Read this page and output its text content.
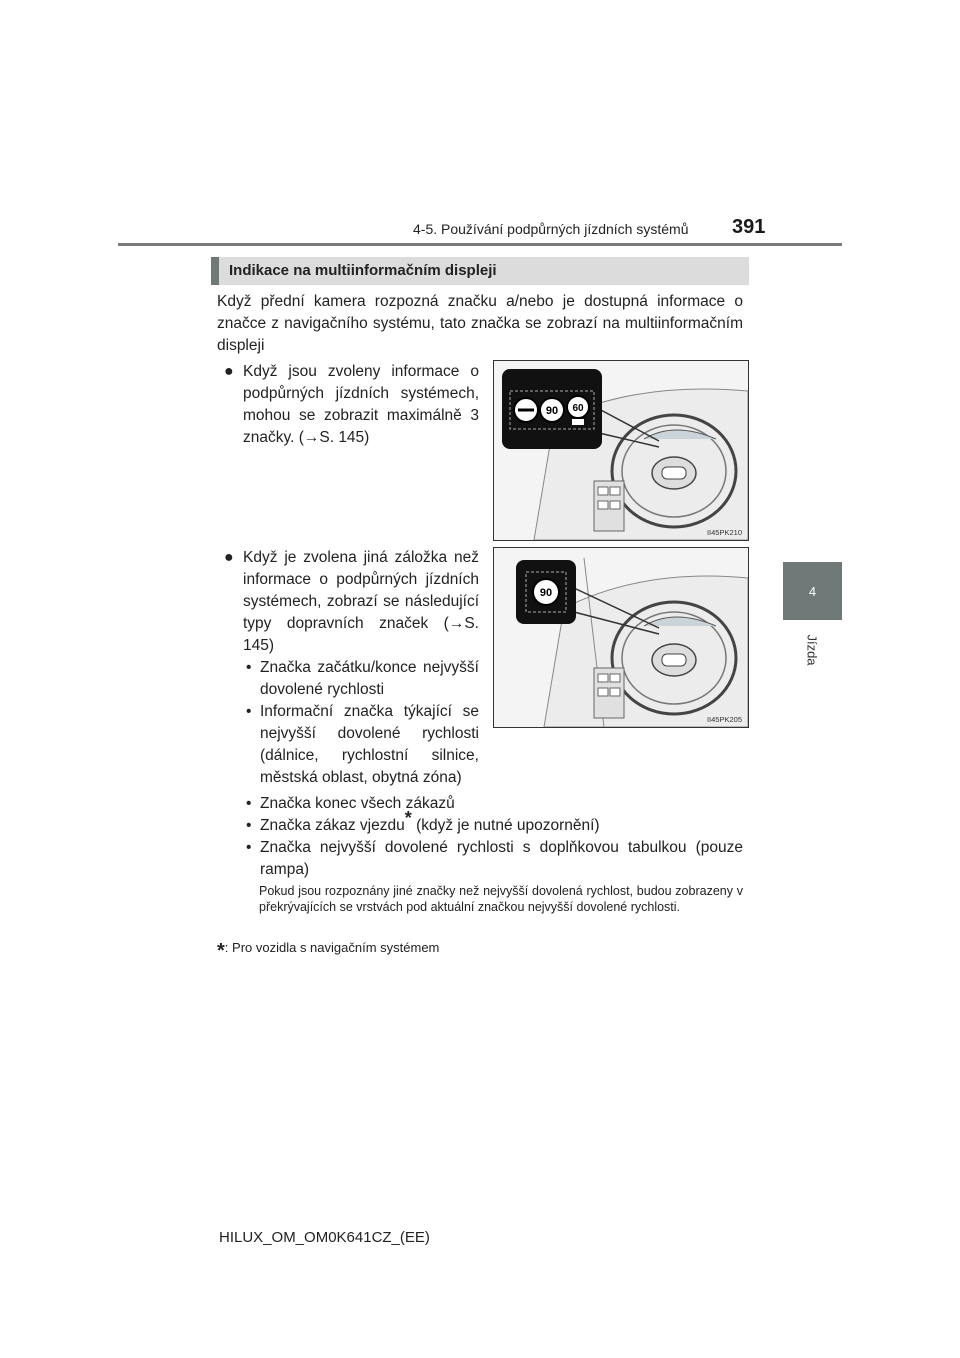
4-5. Používání podpůrných jízdních systémů 391
4
Jízda
Indikace na multiinformačním displeji
Když přední kamera rozpozná značku a/nebo je dostupná informace o značce z navigačního systému, tato značka se zobrazí na multiinformačním displeji
● Když jsou zvoleny informace o podpůrných jízdních systémech, mohou se zobrazit maximálně 3 značky. (→S. 145)
● Když je zvolena jiná záložka než informace o podpůrných jízdních systémech, zobrazí se následující typy dopravních značek (→S. 145)
• Značka začátku/konce nejvyšší dovolené rychlosti
• Informační značka týkající se nejvyšší dovolené rychlosti (dálnice, rychlostní silnice, městská oblast, obytná zóna)
• Značka konec všech zákazů
• Značka zákaz vjezdu* (když je nutné upozornění)
• Značka nejvyšší dovolené rychlosti s doplňkovou tabulkou (pouze rampa)
Pokud jsou rozpoznány jiné značky než nejvyšší dovolená rychlost, budou zobrazeny v překrývajících se vrstvách pod aktuální značkou nejvyšší dovolené rychlosti.
*: Pro vozidla s navigačním systémem
90 60
II45PK210
90
II45PK205
HILUX_OM_OM0K641CZ_(EE)
